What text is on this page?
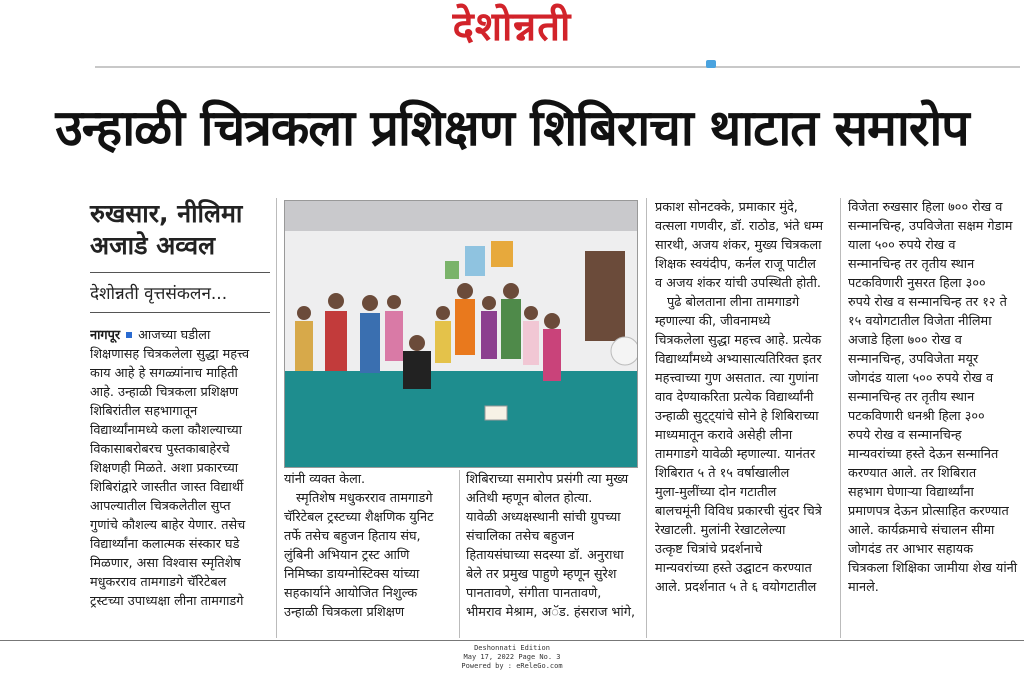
देशोन्नती
उन्हाळी चित्रकला प्रशिक्षण शिबिराचा थाटात समारोप
रुखसार, नीलिमा
अजाडे अव्वल
देशोन्नती वृत्तसंकलन...
नागपूर आजच्या घडीला
शिक्षणासह चित्रकलेला सुद्धा महत्त्व
काय आहे हे सगळ्यांनाच माहिती
आहे. उन्हाळी चित्रकला प्रशिक्षण
शिबिरांतील सहभागातून
विद्यार्थ्यांनामध्ये कला कौशल्याच्या
विकासाबरोबरच पुस्तकाबाहेरचे
शिक्षणही मिळते. अशा प्रकारच्या
शिबिरांद्वारे जास्तीत जास्त विद्यार्थी
आपल्यातील चित्रकलेतील सुप्त
गुणांचे कौशल्य बाहेर येणार. तसेच
विद्यार्थ्यांना कलात्मक संस्कार घडे
मिळणार, असा विश्वास स्मृतिशेष
मधुकरराव तामगाडगे चॅरिटेबल
ट्रस्टच्या उपाध्यक्षा लीना तामगाडगे
यांनी व्यक्त केला.
स्मृतिशेष मधुकरराव तामगाडगे
चॅरिटेबल ट्रस्टच्या शैक्षणिक युनिट
तर्फे तसेच बहुजन हिताय संघ,
लुंबिनी अभियान ट्रस्ट आणि
निमिष्का डायग्नोस्टिक्स यांच्या
सहकार्याने आयोजित निशुल्क
उन्हाळी चित्रकला प्रशिक्षण
शिबिराच्या समारोप प्रसंगी त्या मुख्य
अतिथी म्हणून बोलत होत्या.
यावेळी अध्यक्षस्थानी सांची ग्रुपच्या
संचालिका तसेच बहुजन
हितायसंघाच्या सदस्या डॉ. अनुराधा
बेले तर प्रमुख पाहुणे म्हणून सुरेश
पानतावणे, संगीता पानतावणे,
भीमराव मेश्राम, अॅड. हंसराज भांगे,
प्रकाश सोनटक्के, प्रमाकार मुंदे,
वत्सला गणवीर, डॉ. राठोड, भंते धम्म
सारथी, अजय शंकर, मुख्य चित्रकला
शिक्षक स्वयंदीप, कर्नल राजू पाटील
व अजय शंकर यांची उपस्थिती होती.
पुढे बोलताना लीना तामगाडगे
म्हणाल्या की, जीवनामध्ये
चित्रकलेला सुद्धा महत्त्व आहे. प्रत्येक
विद्यार्थ्यांमध्ये अभ्यासात्यतिरिक्त इतर
महत्त्वाच्या गुण असतात. त्या गुणांना
वाव देण्याकरिता प्रत्येक विद्यार्थ्यांनी
उन्हाळी सुट्ट्यांचे सोने हे शिबिराच्या
माध्यमातून करावे असेही लीना
तामगाडगे यावेळी म्हणाल्या. यानंतर
शिबिरात ५ ते १५ वर्षाखालील
मुला-मुलींच्या दोन गटातील
बालचमूंनी विविध प्रकारची सुंदर चित्रे
रेखाटली. मुलांनी रेखाटलेल्या
उत्कृष्ट चित्रांचे प्रदर्शनाचे
मान्यवरांच्या हस्ते उद्घाटन करण्यात
आले. प्रदर्शनात ५ ते ६ वयोगटातील
विजेता रुखसार हिला ७०० रोख व
सन्मानचिन्ह, उपविजेता सक्षम गेडाम
याला ५०० रुपये रोख व
सन्मानचिन्ह तर तृतीय स्थान
पटकविणारी नुसरत हिला ३००
रुपये रोख व सन्मानचिन्ह तर १२ ते
१५ वयोगटातील विजेता नीलिमा
अजाडे हिला ७०० रोख व
सन्मानचिन्ह, उपविजेता मयूर
जोगदंड याला ५०० रुपये रोख व
सन्मानचिन्ह तर तृतीय स्थान
पटकविणारी धनश्री हिला ३००
रुपये रोख व सन्मानचिन्ह
मान्यवरांच्या हस्ते देऊन सन्मानित
करण्यात आले. तर शिबिरात
सहभाग घेणाऱ्या विद्यार्थ्यांना
प्रमाणपत्र देऊन प्रोत्साहित करण्यात
आले. कार्यक्रमाचे संचालन सीमा
जोगदंड तर आभार सहायक
चित्रकला शिक्षिका जामीया शेख यांनी
मानले.
Deshonnati Edition
May 17, 2022 Page No. 3
Powered by : eReleGo.com
